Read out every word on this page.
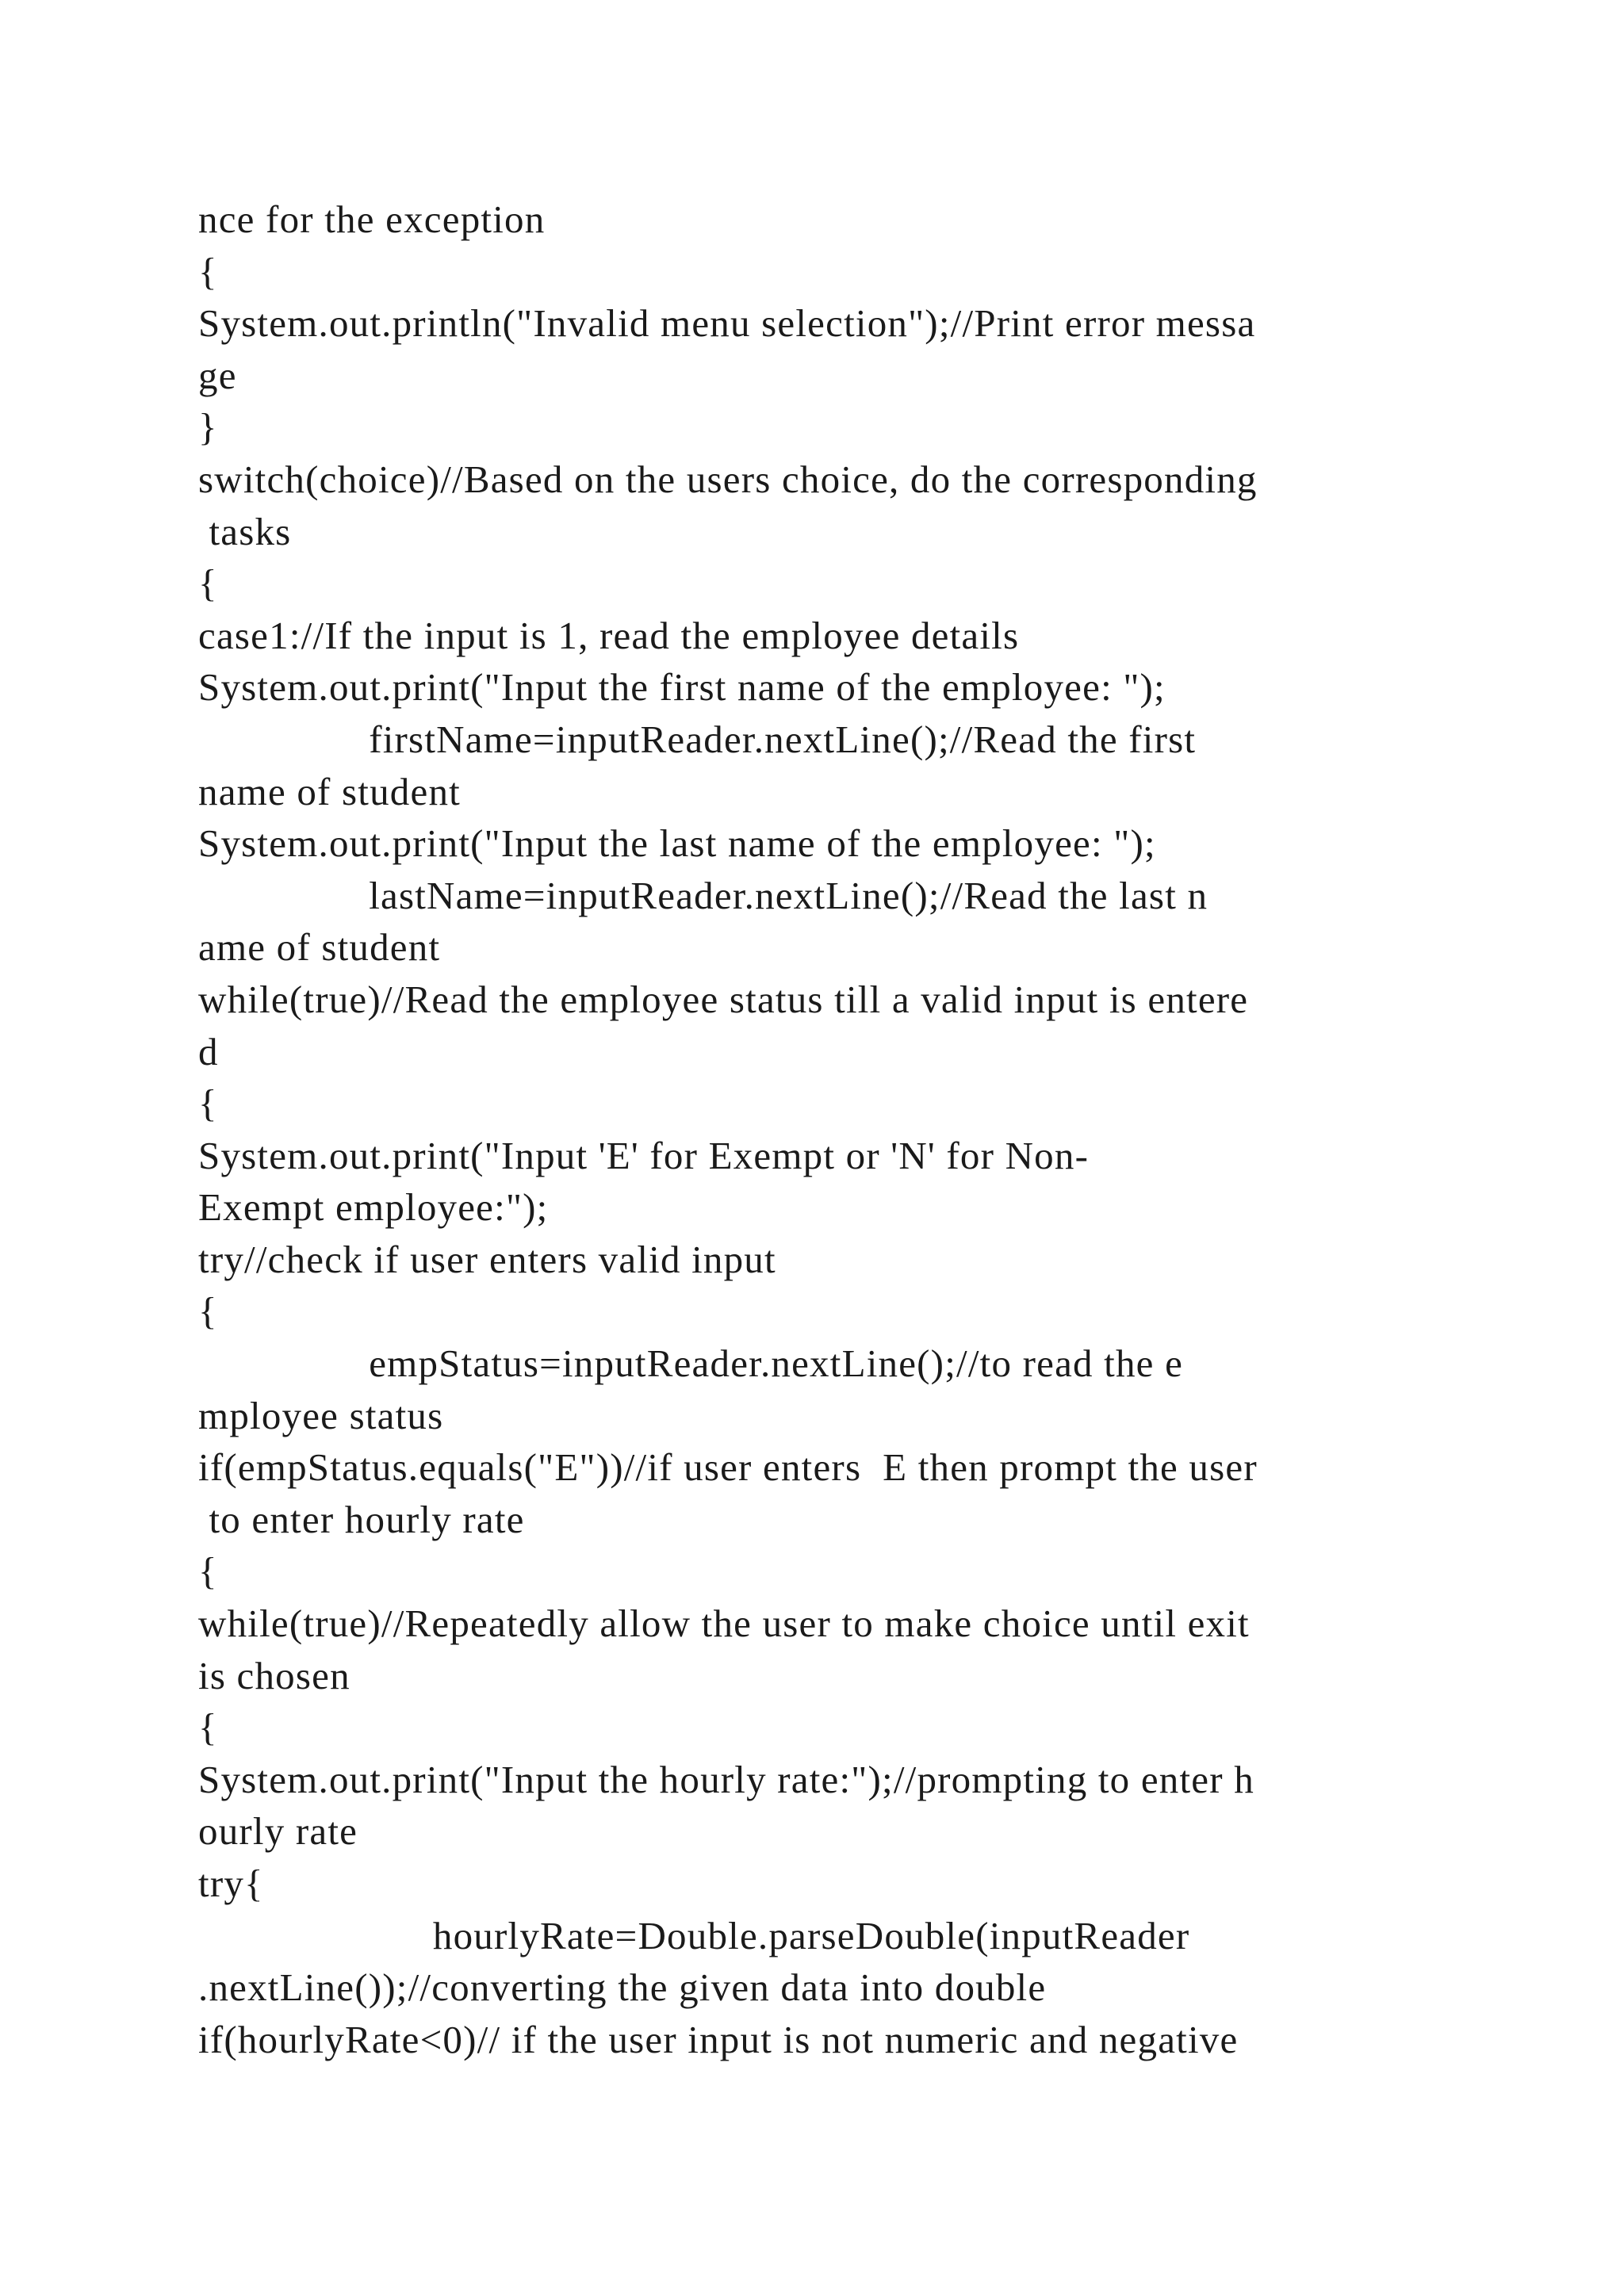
nce for the exception
{
System.out.println("Invalid menu selection");//Print error messa
ge
}
switch(choice)//Based on the users choice, do the corresponding
tasks
{
case1://If the input is 1, read the employee details
System.out.print("Input the first name of the employee: ");
firstName=inputReader.nextLine();//Read the first
name of student
System.out.print("Input the last name of the employee: ");
lastName=inputReader.nextLine();//Read the last n
ame of student
while(true)//Read the employee status till a valid input is entere
d
{
System.out.print("Input 'E' for Exempt or 'N' for Non-
Exempt employee:");
try//check if user enters valid input
{
empStatus=inputReader.nextLine();//to read the e
mployee status
if(empStatus.equals("E"))//if user enters  E then prompt the user
to enter hourly rate
{
while(true)//Repeatedly allow the user to make choice until exit
is chosen
{
System.out.print("Input the hourly rate:");//prompting to enter h
ourly rate
try{
hourlyRate=Double.parseDouble(inputReader
.nextLine());//converting the given data into double
if(hourlyRate<0)// if the user input is not numeric and negative
